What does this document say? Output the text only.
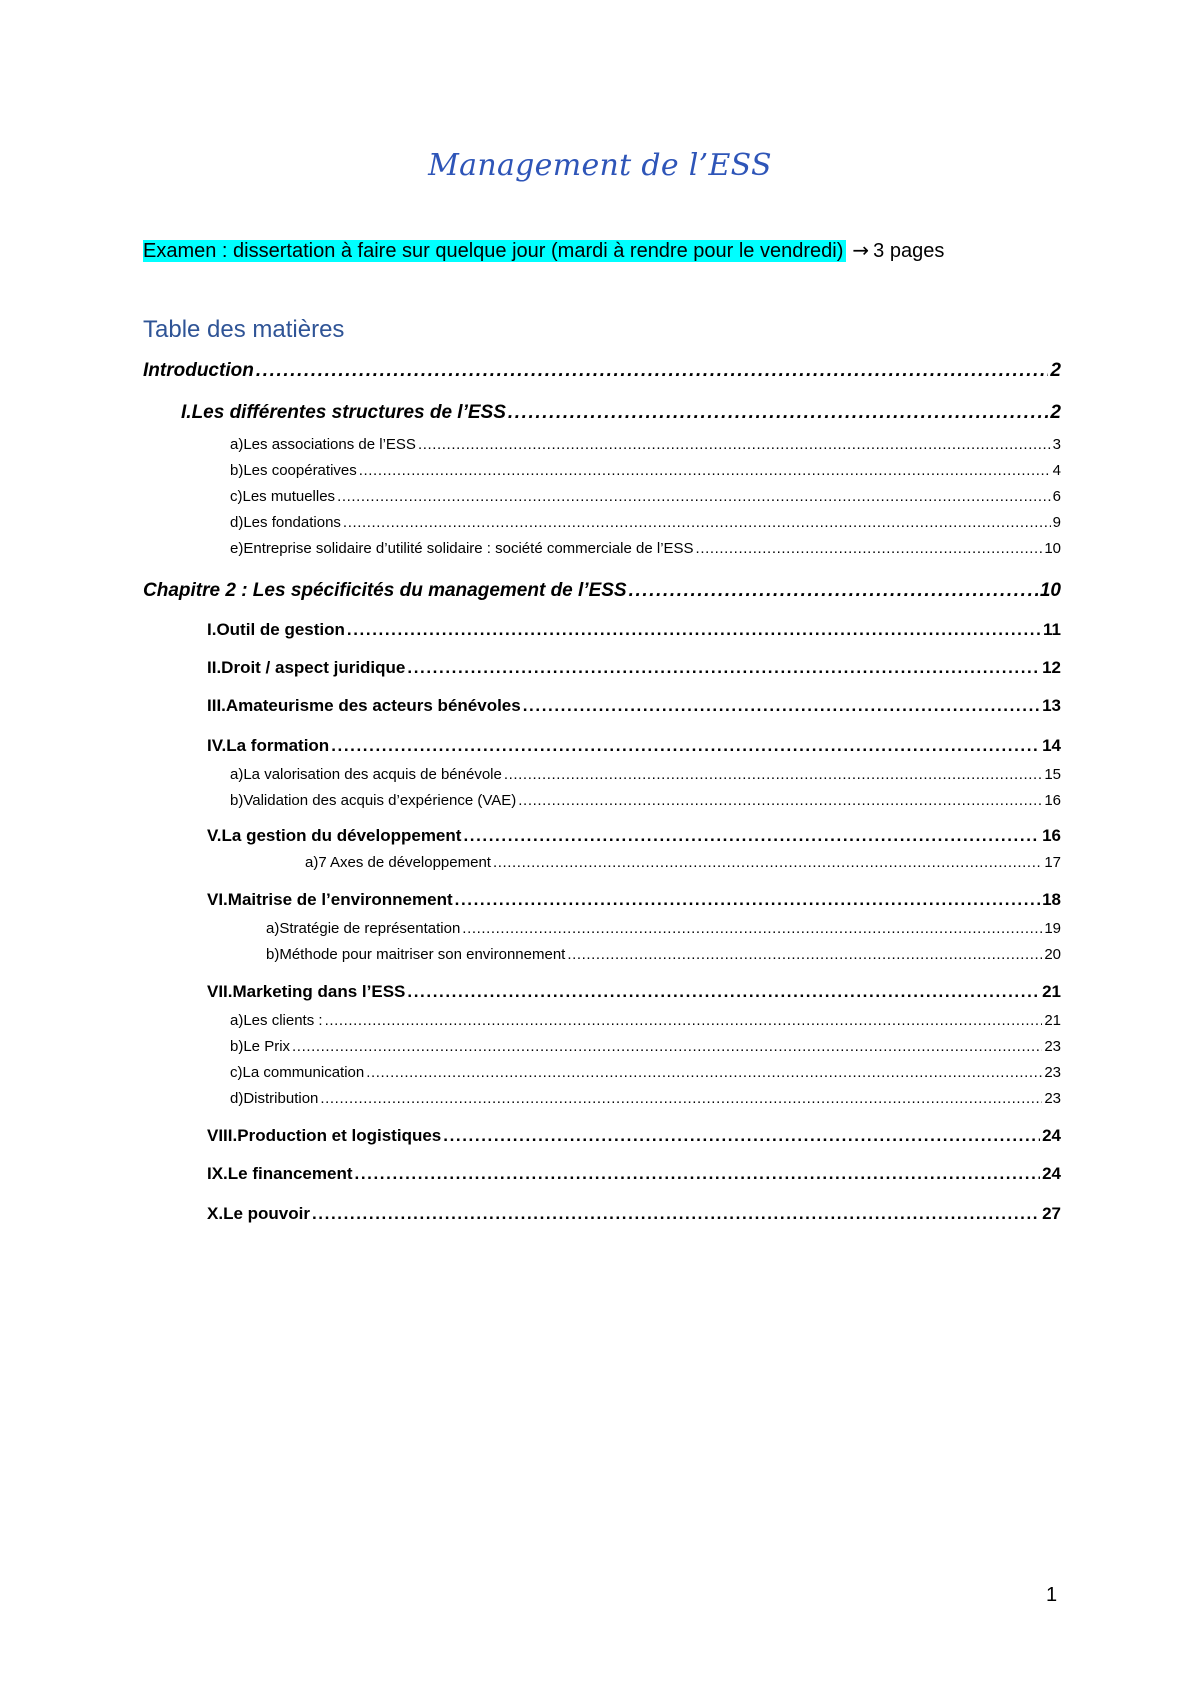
Management de l’ESS
Examen : dissertation à faire sur quelque jour (mardi à rendre pour le vendredi) → 3 pages
Table des matières
Introduction .....	2
I. Les différentes structures de l’ESS .....	2
a) Les associations de l’ESS .....	3
b) Les coopératives .....	4
c) Les mutuelles .....	6
d) Les fondations .....	9
e) Entreprise solidaire d’utilité solidaire : société commerciale de l’ESS .....	10
Chapitre 2 : Les spécificités du management de l’ESS .....	10
I. Outil de gestion .....	11
II. Droit / aspect juridique .....	12
III. Amateurisme des acteurs bénévoles .....	13
IV. La formation .....	14
a) La valorisation des acquis de bénévole .....	15
b) Validation des acquis d’expérience (VAE) .....	16
V. La gestion du développement .....	16
a) 7 Axes de développement .....	17
VI. Maitrise de l’environnement .....	18
a) Stratégie de représentation .....	19
b) Méthode pour maitriser son environnement .....	20
VII. Marketing dans l’ESS .....	21
a) Les clients : .....	21
b) Le Prix .....	23
c) La communication .....	23
d) Distribution .....	23
VIII. Production et logistiques .....	24
IX. Le financement .....	24
X. Le pouvoir .....	27
1
